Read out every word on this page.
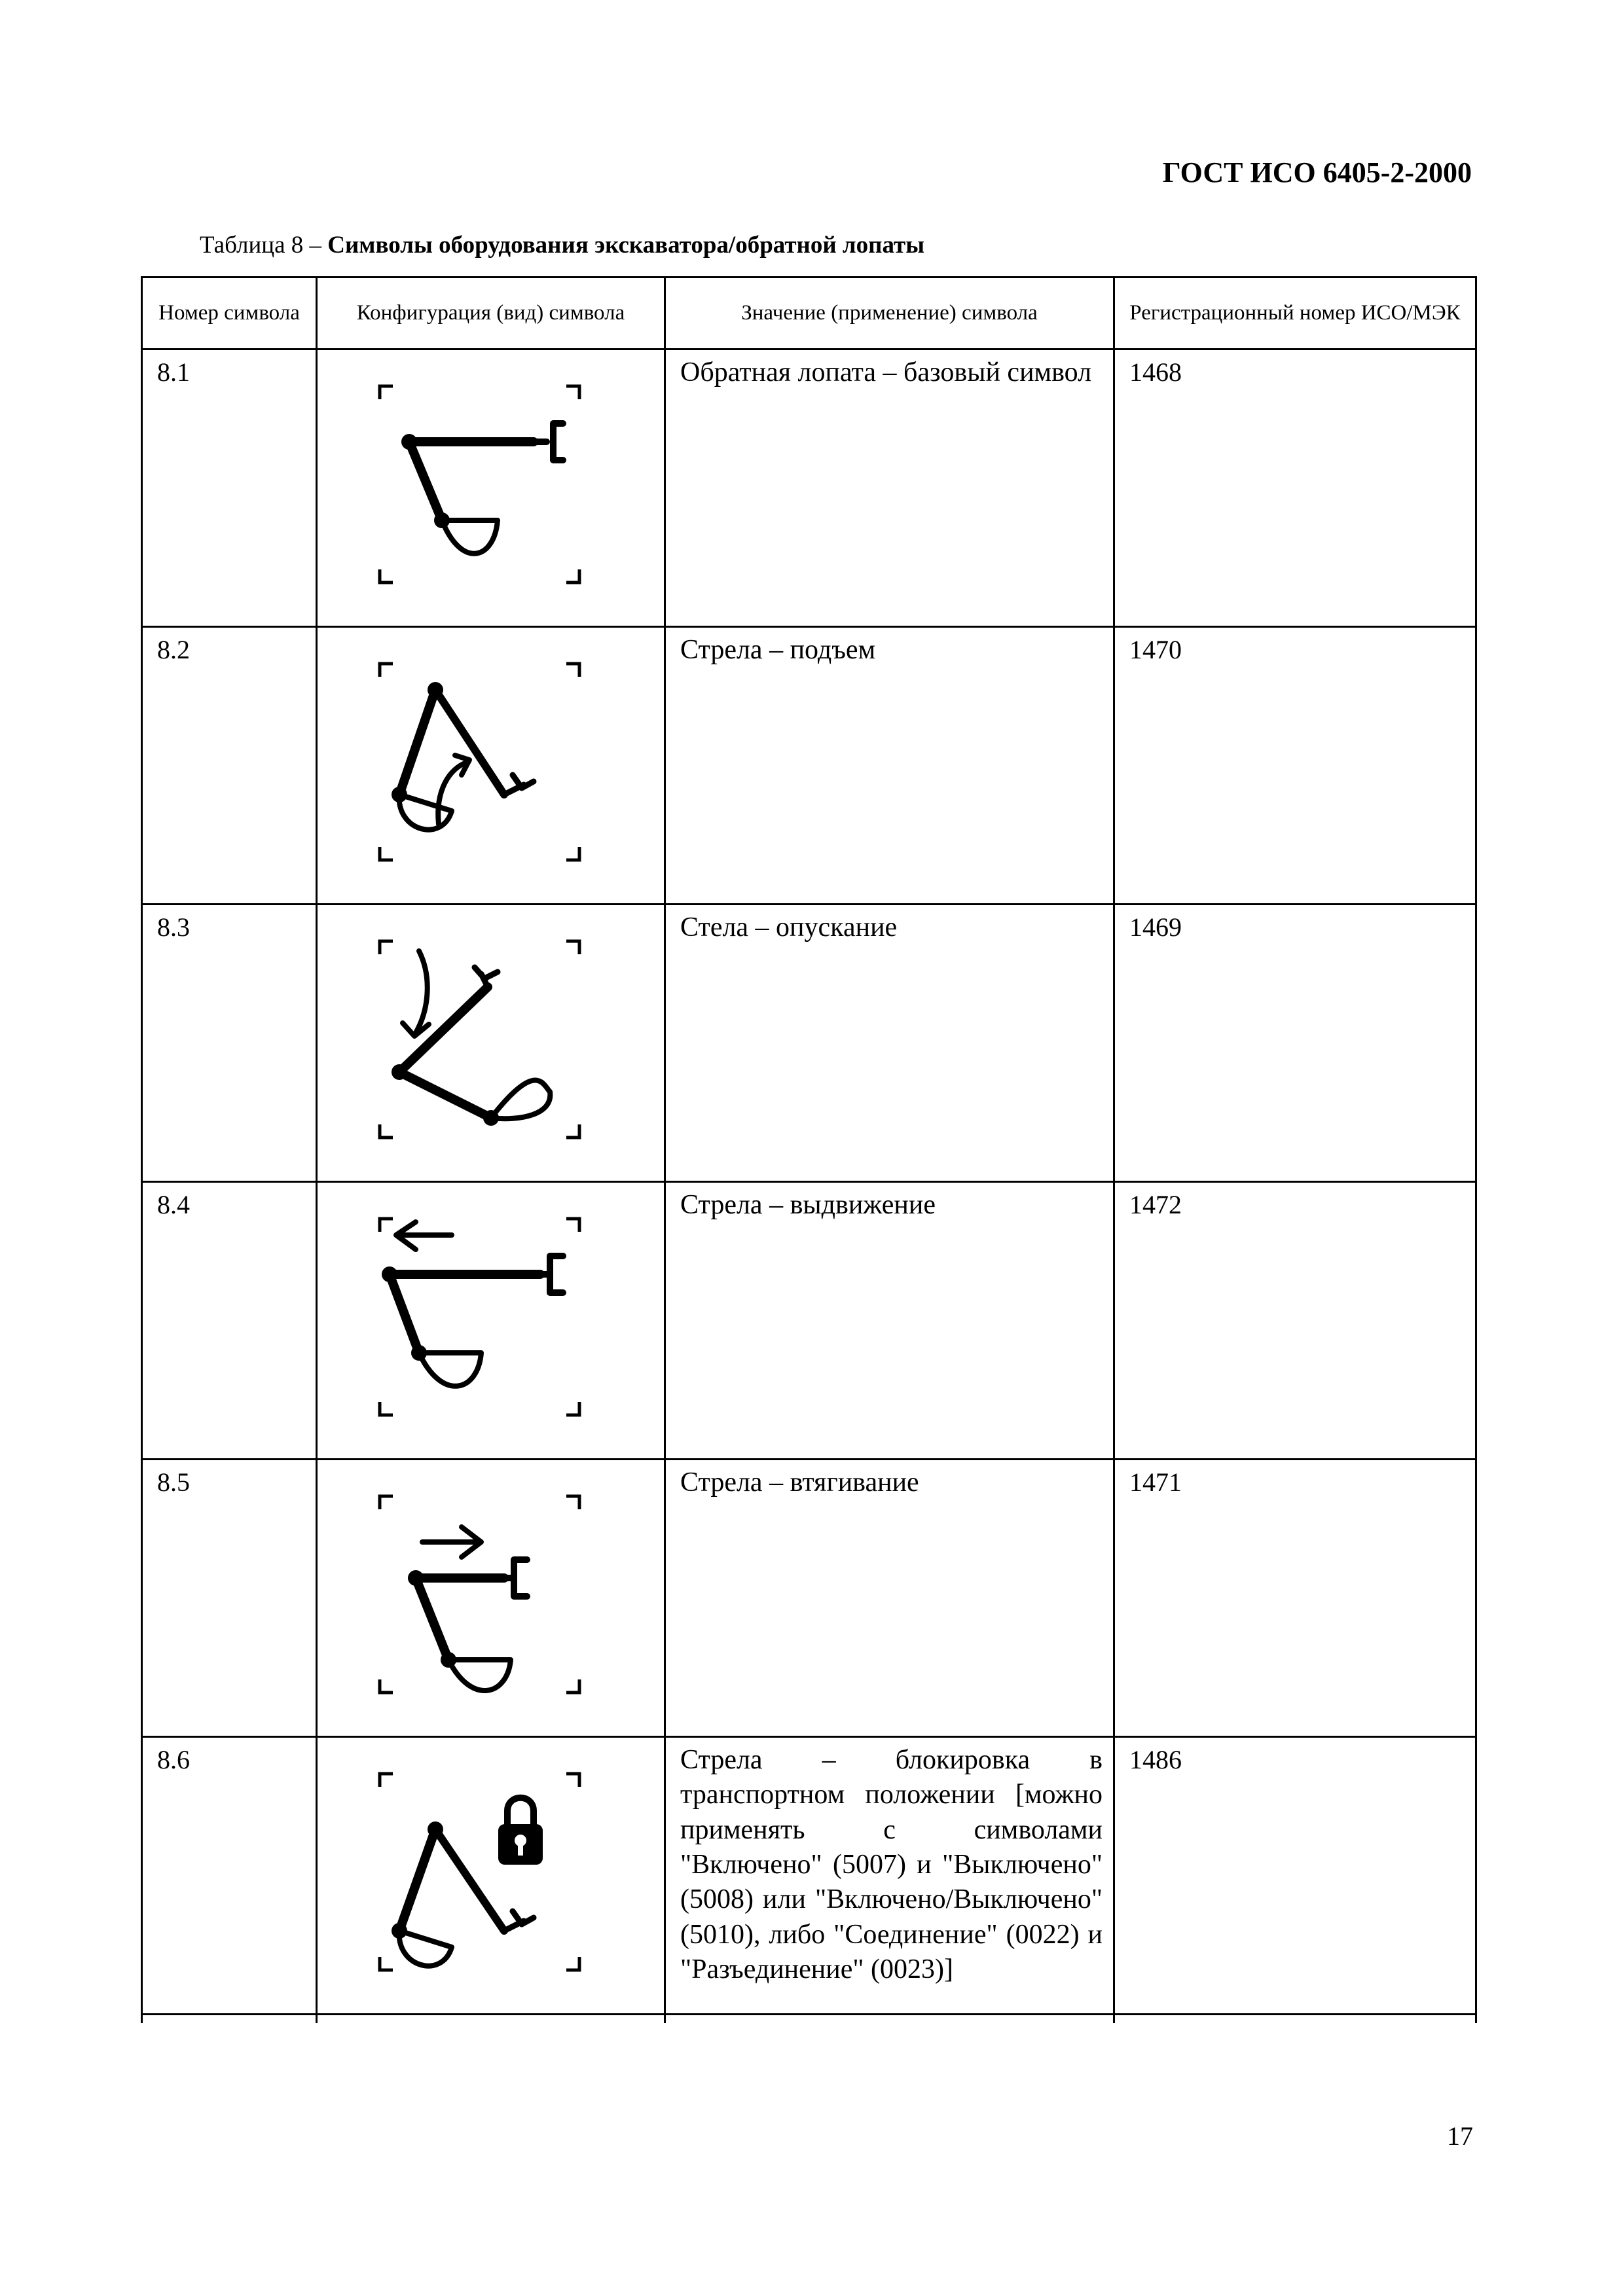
ГОСТ ИСО 6405-2-2000
Таблица 8 – Символы оборудования экскаватора/обратной лопаты
Номер символа	Конфигурация (вид) символа	Значение (применение) символа	Регистрационный номер ИСО/МЭК
8.1		Обратная лопата – базовый символ	1468
8.2		Стрела – подъем	1470
8.3		Стела – опускание	1469
8.4		Стрела – выдвижение	1472
8.5		Стрела – втягивание	1471
8.6		Стрела – блокировка в транспортном положении [можно применять с символами "Включено" (5007) и "Выключено" (5008) или "Включено/Выключено" (5010), либо "Соединение" (0022) и "Разъединение" (0023)]	1486

17
